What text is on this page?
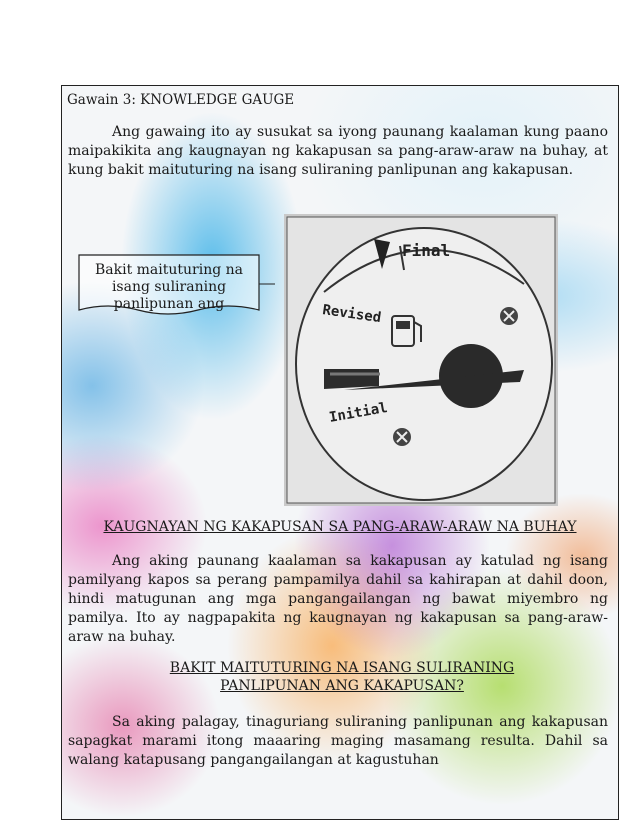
Gawain 3: KNOWLEDGE GAUGE
Ang gawaing ito ay susukat sa iyong paunang kaalaman kung paano maipakikita ang kaugnayan ng kakapusan sa pang-araw-araw na buhay, at kung bakit maituturing na isang suliraning panlipunan ang kakapusan.
Bakit maituturing na isang suliraning panlipunan ang
Final
Revised
Initial
KAUGNAYAN NG KAKAPUSAN SA PANG-ARAW-ARAW NA BUHAY
Ang aking paunang kaalaman sa kakapusan ay katulad ng isang pamilyang kapos sa perang pampamilya dahil sa kahirapan at dahil doon, hindi matugunan ang mga pangangailangan ng bawat miyembro ng pamilya. Ito ay nagpapakita ng kaugnayan ng kakapusan sa pang-araw-araw na buhay.
BAKIT MAITUTURING NA ISANG SULIRANING PANLIPUNAN ANG KAKAPUSAN?
Sa aking palagay, tinaguriang suliraning panlipunan ang kakapusan sapagkat marami itong maaaring maging masamang resulta. Dahil sa walang katapusang pangangailangan at kagustuhan
